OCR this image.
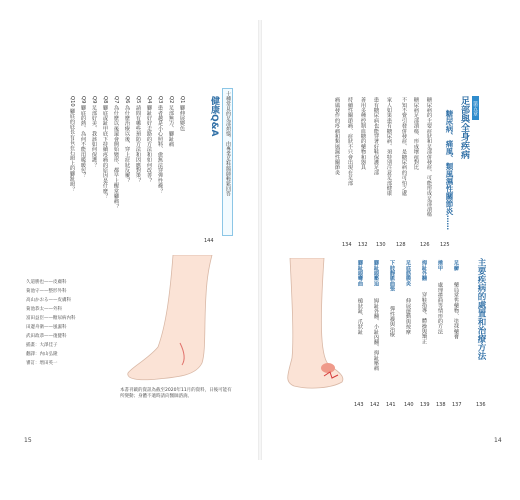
第五章
足部與全身疾病
糖尿病、痛風、類風濕性關節炎……
125
糖尿病的主要症狀和足部併發症、可能形成足部潰瘍
126
糖尿病足部潰瘍、形成壞疽對比
不知不覺引發併發症、是糖尿病的可怕之處
128
家人如果患有糖尿病、須特別注意足部健康
130
患有糖尿病也能穿著好鞋保護足部
善用多種控制血糖的藥物和器具
132
持續性關節痛、症狀不只會出現在足部
134
痛風發作的疼痛和類風濕性關節炎
主要疾病的處置和治療方法
136
足癬
藥局常售藥物、塗抹藥膏
137
捲甲
處理捲曲等情形的方法
138
拇趾外翻
穿鞋指導、體操與矯正
139
足底筋膜炎
伸展運動與按摩
140
下肢靜脈曲張
彈性襪與治療
141
腳趾頭壓迫
姆趾外翻、小趾內翻、拇趾壓痛
142
腳趾頭彎曲
槌狀趾、爪狀趾
143
14
十種常見的足部煩惱、由專業足科醫師輕鬆回答
健康Q&A
144
Q1 腳伸展變色
Q2 足部無力、腳趾痛
Q3 患者越是小心照料、愈無法穿彈性襪？
Q4 腳趾好好走路的方法和如何改善？
Q5 請問有哪些預防方法和因應對策？
Q6 為什麼治療以後、穿上症狀反覆？
Q7 為什麼以後還會開始變形、都早上醒常腳痛？
Q8 腳底或趾甲底下持續疼痛的原因是什麼？
Q9 足部好美、我該如何保護？
Q9 腳底的熱、為何不能用暖暖包？
Q10 腳底的底長有長在石頭上的腳趾頭？
久道勝也——皮膚科
菊池守——整形外科
高山かおる——皮膚科
菊池恭太——外科
富田益臣——糖尿病內科
田邊舟衛——風濕科
武田政恭——復健科
插畫：大澤佳子
翻譯：內山弘隆
審訂：增田英一
本書刊載的資訊為截至2020年11月的資料，日後可能有所變動；身體不適時請向醫師諮詢。
15
